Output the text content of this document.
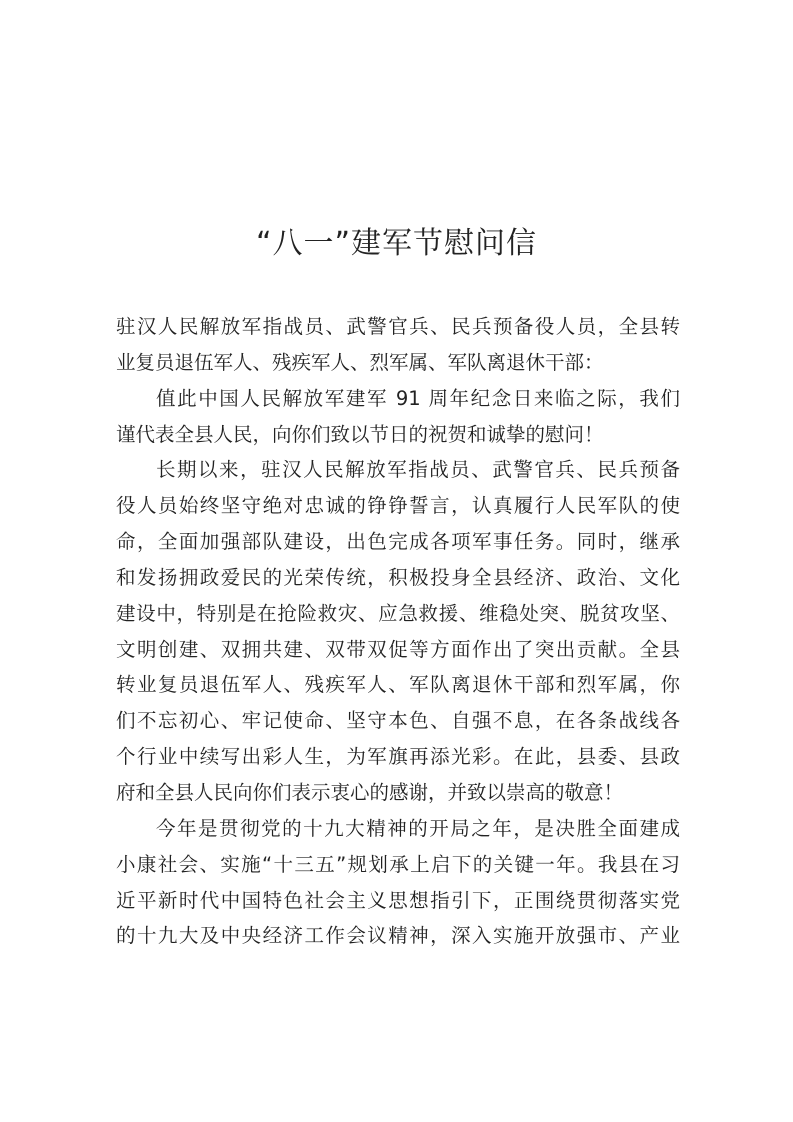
“八一”建军节慰问信
驻汉人民解放军指战员、武警官兵、民兵预备役人员，全县转
业复员退伍军人、残疾军人、烈军属、军队离退休干部：
值此中国人民解放军建军 91 周年纪念日来临之际，我们
谨代表全县人民，向你们致以节日的祝贺和诚挚的慰问！
长期以来，驻汉人民解放军指战员、武警官兵、民兵预备
役人员始终坚守绝对忠诚的铮铮誓言，认真履行人民军队的使
命，全面加强部队建设，出色完成各项军事任务。同时，继承
和发扬拥政爱民的光荣传统，积极投身全县经济、政治、文化
建设中，特别是在抢险救灾、应急救援、维稳处突、脱贫攻坚、
文明创建、双拥共建、双带双促等方面作出了突出贡献。全县
转业复员退伍军人、残疾军人、军队离退休干部和烈军属，你
们不忘初心、牢记使命、坚守本色、自强不息，在各条战线各
个行业中续写出彩人生，为军旗再添光彩。在此，县委、县政
府和全县人民向你们表示衷心的感谢，并致以崇高的敬意！
今年是贯彻党的十九大精神的开局之年，是决胜全面建成
小康社会、实施“十三五”规划承上启下的关键一年。我县在习
近平新时代中国特色社会主义思想指引下，正围绕贯彻落实党
的十九大及中央经济工作会议精神，深入实施开放强市、产业
